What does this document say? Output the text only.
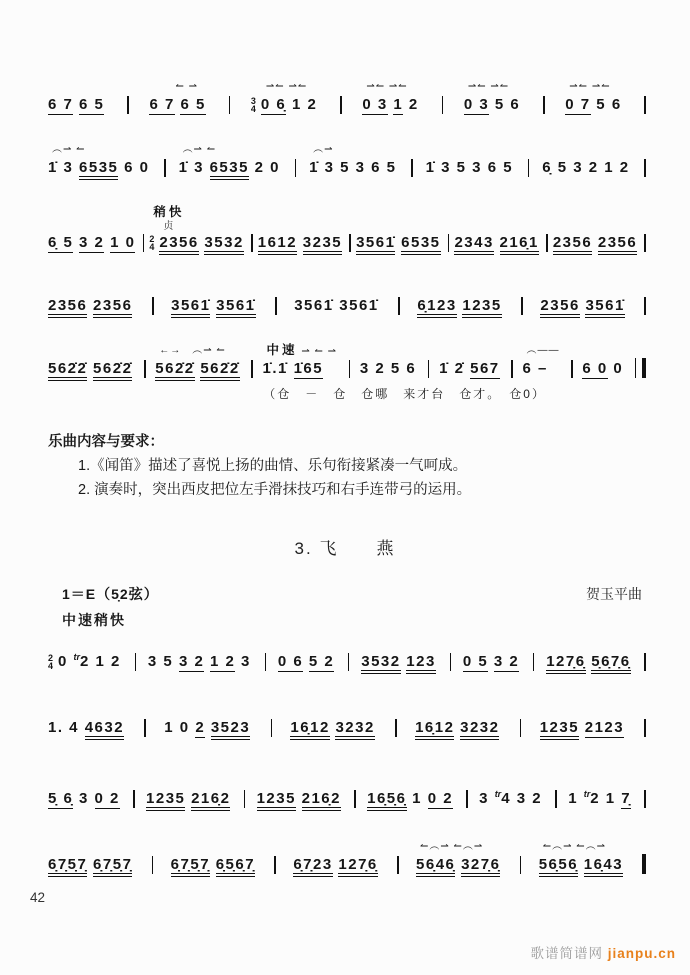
6 7 6 5
　　↼ ⇀
6 7 6 5
　⇀↼ ⇀↼
3
4 0 6̣ 1 2
⇀↼ ⇀↼
0 3 1 2
⇀↼ ⇀↼
0 3 5 6
⇀↼ ⇀↼
0 7 5 6
︵⇀ ↼
1̇ 3 6535 6 0
︵⇀ ↼
1̇ 3 6535 2 0
︵⇀
1̇ 3 5 3 6 5
1̇ 3 5 3 6 5
6̣ 5 3 2 1 2

6̣ 5 3 2 1 0
稍快
贞
2
4 2356 3532
1612 3235
3561̇ 6535
2343 216̣1
2356 2356

2356 2356
	3561̇ 3561̇
	3561̇ 3561̇
	6̣123 1235
	2356 3561̇

562̇2̇ 562̇2̇
←→　︵⇀ ↼
562̇2̇ 562̇2̇
中速 ⇀ ↼ ⇀
1̇.1̇ 1̇65
	3 2 5 6
1̇ 2̇ 567
︵——
6 –
	6 0 0
（仓　－　仓　仓哪　来才台　仓才。　仓0）
乐曲内容与要求：
1.《闻笛》描述了喜悦上扬的曲情、乐句衔接紧凑一气呵成。
2. 演奏时，突出西皮把位左手滑抹技巧和右手连带弓的运用。
3. 飞　　燕
1＝E（5̣2弦）	贺玉平曲
中速稍快

2
4 0 $^{tr}$2 1 2
3 5 3 2 1 2 3
0 6 5 2
3532 123
0 5 3 2
127̣6̣ 5̣6̣7̣6̣

1. 4 4632
	1 0 2 3523
	16̣12 3232
	16̣12 3232
	1235 2123

5̣ 6̣ 3 0 2
1235 216̣2
1235 216̣2
16̣5̣6̣ 1 0 2
3 $^{tr}$4 3 2
1 $^{tr}$2 1 7̣

6̣7̣5̣7̣ 6̣7̣5̣7̣
	6̣7̣5̣7̣ 6̣5̣6̣7̣
	6̣7̣23 127̣6̣
↼︵⇀ ↼︵⇀
56̣46̣ 327̣6̣
↼︵⇀ ↼︵⇀
56̣56̣ 16̣43
42
歌谱简谱网 jianpu.cn
